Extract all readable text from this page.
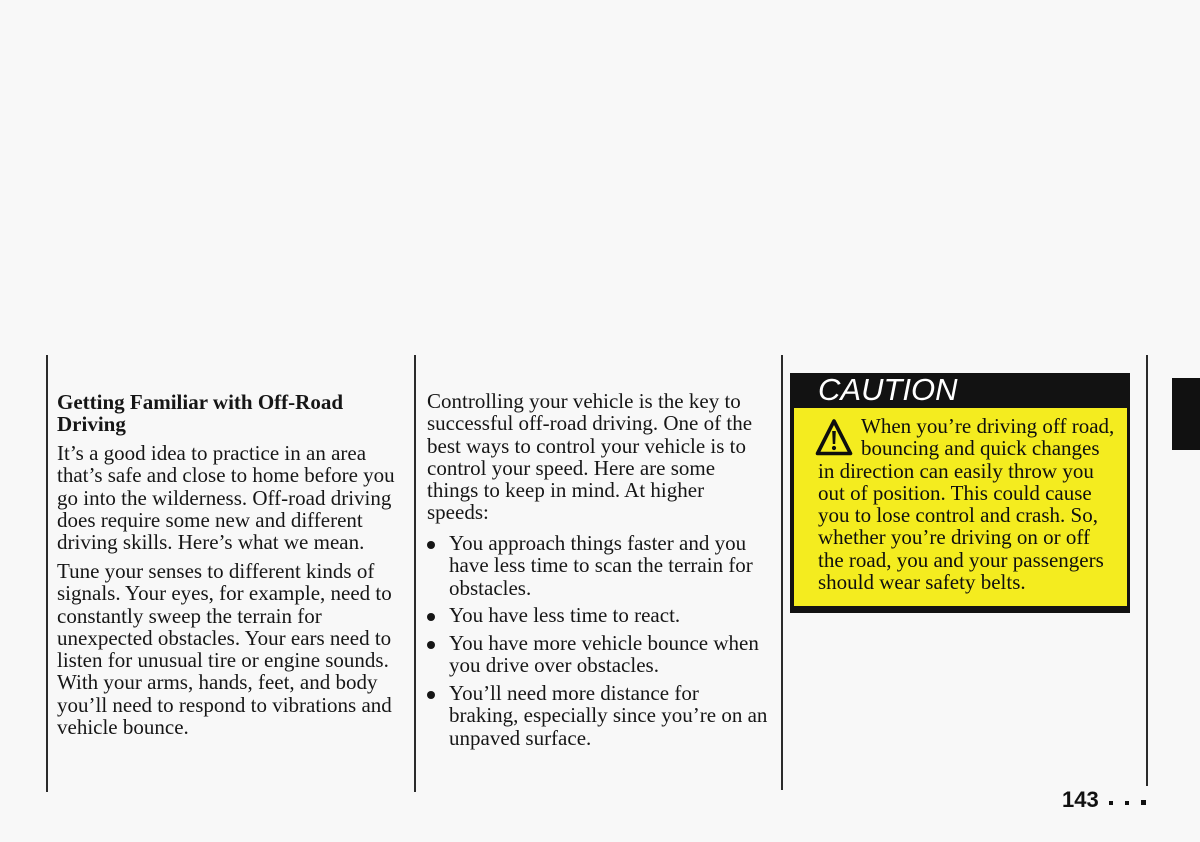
Getting Familiar with Off-Road
Driving
It’s a good idea to practice in an area
that’s safe and close to home before you
go into the wilderness. Off-road driving
does require some new and different
driving skills. Here’s what we mean.
Tune your senses to different kinds of
signals. Your eyes, for example, need to
constantly sweep the terrain for
unexpected obstacles. Your ears need to
listen for unusual tire or engine sounds.
With your arms, hands, feet, and body
you’ll need to respond to vibrations and
vehicle bounce.
Controlling your vehicle is the key to
successful off-road driving. One of the
best ways to control your vehicle is to
control your speed. Here are some
things to keep in mind. At higher
speeds:
You approach things faster and you
have less time to scan the terrain for
obstacles.
You have less time to react.
You have more vehicle bounce when
you drive over obstacles.
You’ll need more distance for
braking, especially since you’re on an
unpaved surface.
CAUTION
When you’re driving off road,
bouncing and quick changes
in direction can easily throw you
out of position. This could cause
you to lose control and crash. So,
whether you’re driving on or off
the road, you and your passengers
should wear safety belts.
143
